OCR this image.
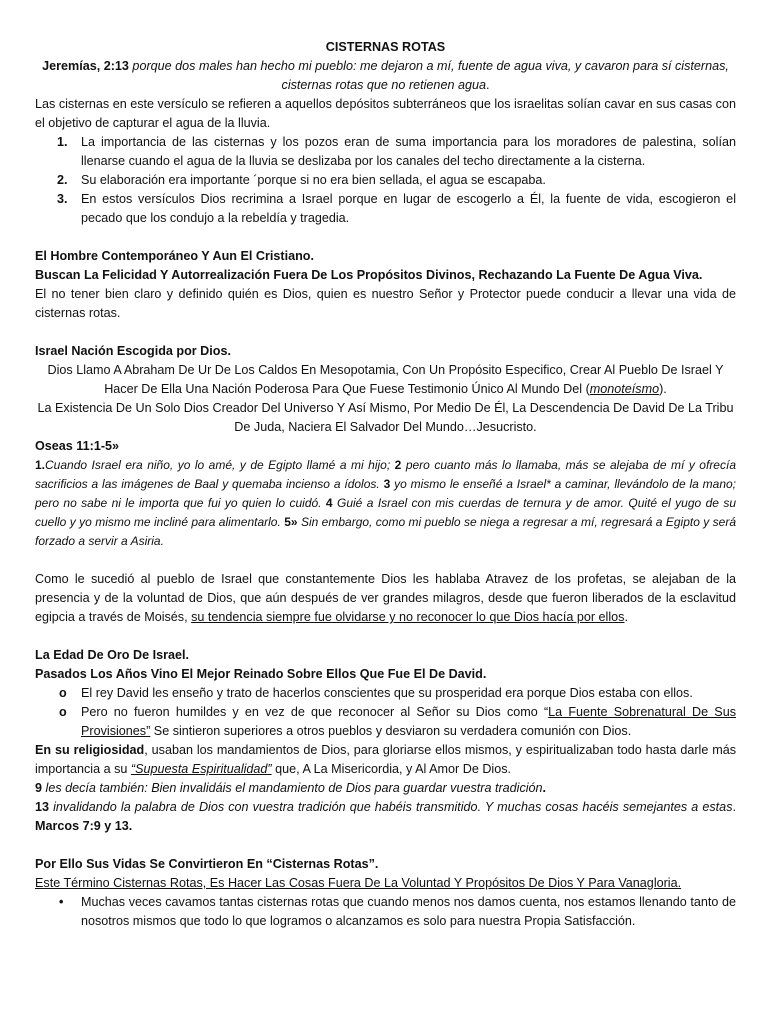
CISTERNAS ROTAS

Jeremías, 2:13 porque dos males han hecho mi pueblo: me dejaron a mí, fuente de agua viva, y cavaron para sí cisternas, cisternas rotas que no retienen agua.

Las cisternas en este versículo se refieren a aquellos depósitos subterráneos que los israelitas solían cavar en sus casas con el objetivo de capturar el agua de la lluvia.

1. La importancia de las cisternas y los pozos eran de suma importancia para los moradores de palestina, solían llenarse cuando el agua de la lluvia se deslizaba por los canales del techo directamente a la cisterna.
2. Su elaboración era importante ´porque si no era bien sellada, el agua se escapaba.
3. En estos versículos Dios recrimina a Israel porque en lugar de escogerlo a Él, la fuente de vida, escogieron el pecado que los condujo a la rebeldía y tragedia.

El Hombre Contemporáneo Y Aun El Cristiano.

Buscan La Felicidad Y Autorrealización Fuera De Los Propósitos Divinos, Rechazando La Fuente De Agua Viva.

El no tener bien claro y definido quién es Dios, quien es nuestro Señor y Protector puede conducir a llevar una vida de cisternas rotas.

Israel Nación Escogida por Dios.

Dios Llamo A Abraham De Ur De Los Caldos En Mesopotamia, Con Un Propósito Especifico, Crear Al Pueblo De Israel Y Hacer De Ella Una Nación Poderosa Para Que Fuese Testimonio Único Al Mundo Del (monoteísmo).

La Existencia De Un Solo Dios Creador Del Universo Y Así Mismo, Por Medio De Él, La Descendencia De David De La Tribu De Juda, Naciera El Salvador Del Mundo…Jesucristo.

Oseas 11:1-5»

1.Cuando Israel era niño, yo lo amé, y de Egipto llamé a mi hijo; 2 pero cuanto más lo llamaba, más se alejaba de mí y ofrecía sacrificios a las imágenes de Baal y quemaba incienso a ídolos. 3 yo mismo le enseñé a Israel* a caminar, llevándolo de la mano; pero no sabe ni le importa que fui yo quien lo cuidó. 4 Guié a Israel con mis cuerdas de ternura y de amor. Quité el yugo de su cuello y yo mismo me incliné para alimentarlo. 5» Sin embargo, como mi pueblo se niega a regresar a mí, regresará a Egipto y será forzado a servir a Asiria.

Como le sucedió al pueblo de Israel que constantemente Dios les hablaba Atravez de los profetas, se alejaban de la presencia y de la voluntad de Dios, que aún después de ver grandes milagros, desde que fueron liberados de la esclavitud egipcia a través de Moisés, su tendencia siempre fue olvidarse y no reconocer lo que Dios hacía por ellos.

La Edad De Oro De Israel.

Pasados Los Años Vino El Mejor Reinado Sobre Ellos Que Fue El De David.

o El rey David les enseño y trato de hacerlos conscientes que su prosperidad era porque Dios estaba con ellos.
o Pero no fueron humildes y en vez de que reconocer al Señor su Dios como “La Fuente Sobrenatural De Sus Provisiones” Se sintieron superiores a otros pueblos y desviaron su verdadera comunión con Dios.

En su religiosidad, usaban los mandamientos de Dios, para gloriarse ellos mismos, y espiritualizaban todo hasta darle más importancia a su “Supuesta Espiritualidad” que, A La Misericordia, y Al Amor De Dios.

9 les decía también: Bien invalidáis el mandamiento de Dios para guardar vuestra tradición.

13 invalidando la palabra de Dios con vuestra tradición que habéis transmitido. Y muchas cosas hacéis semejantes a estas. Marcos 7:9 y 13.

Por Ello Sus Vidas Se Convirtieron En “Cisternas Rotas”.

Este Término Cisternas Rotas, Es Hacer Las Cosas Fuera De La Voluntad Y Propósitos De Dios Y Para Vanagloria.

• Muchas veces cavamos tantas cisternas rotas que cuando menos nos damos cuenta, nos estamos llenando tanto de nosotros mismos que todo lo que logramos o alcanzamos es solo para nuestra Propia Satisfacción.
